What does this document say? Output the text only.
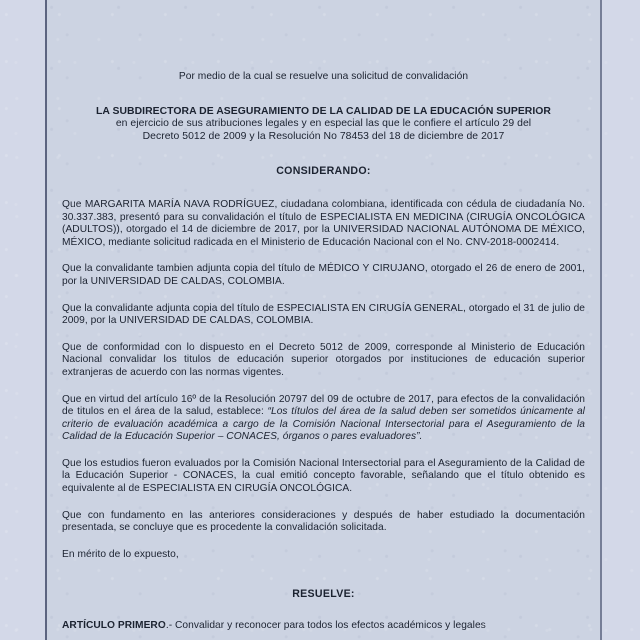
Por medio de la cual se resuelve una solicitud de convalidación

LA SUBDIRECTORA DE ASEGURAMIENTO DE LA CALIDAD DE LA EDUCACIÓN SUPERIOR

en ejercicio de sus atribuciones legales y en especial las que le confiere el artículo 29 del

Decreto 5012 de 2009 y la Resolución No 78453 del 18 de diciembre de 2017

CONSIDERANDO:

Que MARGARITA MARÍA NAVA RODRÍGUEZ, ciudadana colombiana, identificada con cédula de ciudadanía No. 30.337.383, presentó para su convalidación el título de ESPECIALISTA EN MEDICINA (CIRUGÍA ONCOLÓGICA (ADULTOS)), otorgado el 14 de diciembre de 2017, por la UNIVERSIDAD NACIONAL AUTÓNOMA DE MÉXICO, MÉXICO, mediante solicitud radicada en el Ministerio de Educación Nacional con el No. CNV-2018-0002414.

Que la convalidante tambien adjunta copia del título de MÉDICO Y CIRUJANO, otorgado el 26 de enero de 2001, por la UNIVERSIDAD DE CALDAS, COLOMBIA.

Que la convalidante adjunta copia del título de ESPECIALISTA EN CIRUGÍA GENERAL, otorgado el 31 de julio de 2009, por la UNIVERSIDAD DE CALDAS, COLOMBIA.

Que de conformidad con lo dispuesto en el Decreto 5012 de 2009, corresponde al Ministerio de Educación Nacional convalidar los titulos de educación superior otorgados por instituciones de educación superior extranjeras de acuerdo con las normas vigentes.

Que en virtud del artículo 16º de la Resolución 20797 del 09 de octubre de 2017, para efectos de la convalidación de titulos en el área de la salud, establece: “Los títulos del área de la salud deben ser sometidos únicamente al criterio de evaluación académica a cargo de la Comisión Nacional Intersectorial para el Aseguramiento de la Calidad de la Educación Superior – CONACES, órganos o pares evaluadores”.

Que los estudios fueron evaluados por la Comisión Nacional Intersectorial para el Aseguramiento de la Calidad de la Educación Superior - CONACES, la cual emitió concepto favorable, señalando que el título obtenido es equivalente al de ESPECIALISTA EN CIRUGÍA ONCOLÓGICA.

Que con fundamento en las anteriores consideraciones y después de haber estudiado la documentación presentada, se concluye que es procedente la convalidación solicitada.

En mérito de lo expuesto,

RESUELVE:

ARTÍCULO PRIMERO.- Convalidar y reconocer para todos los efectos académicos y legales
